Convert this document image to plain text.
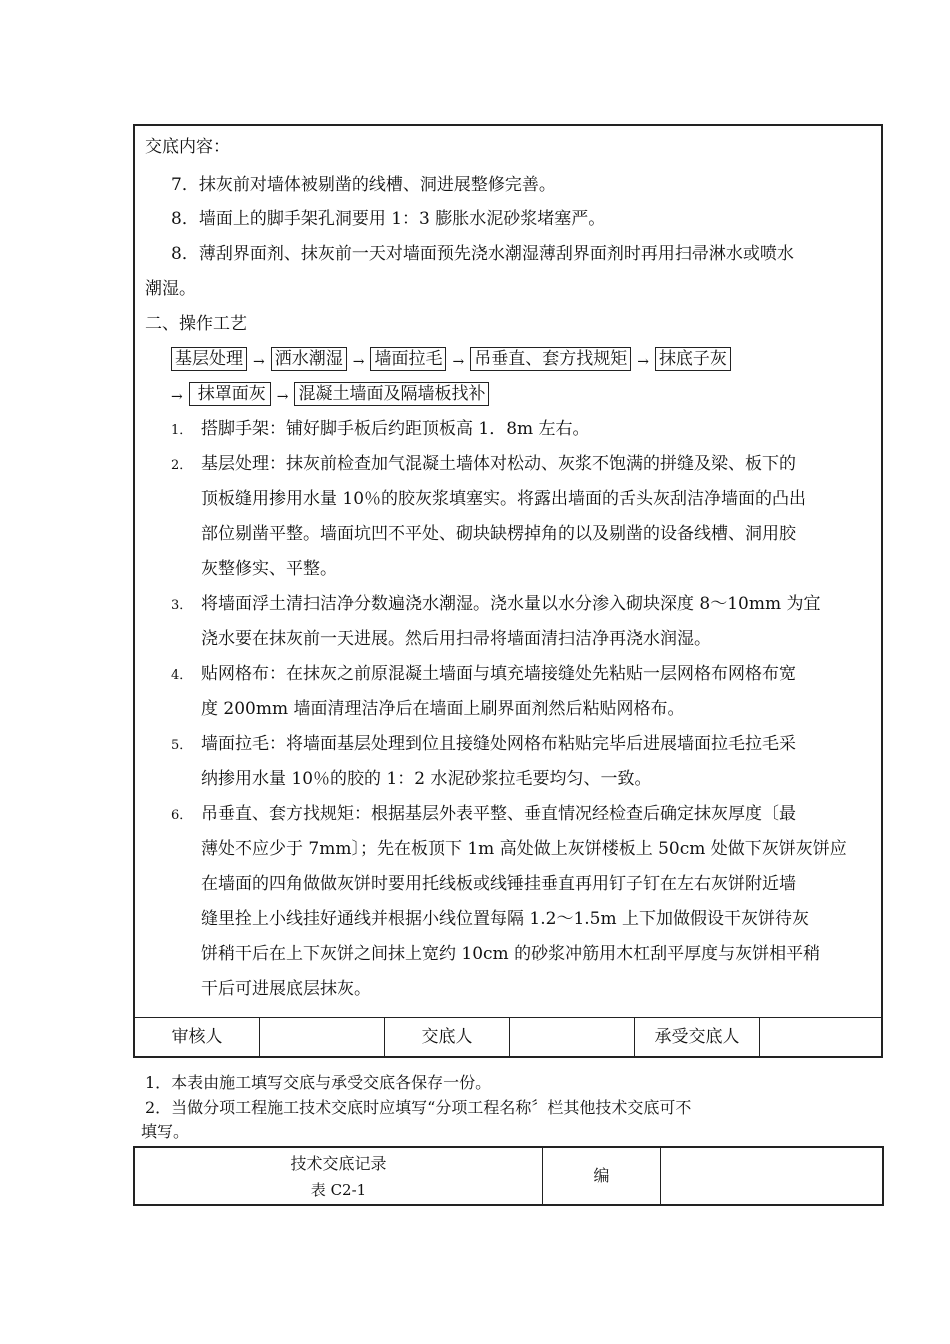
交底内容：
7．抹灰前对墙体被剔凿的线槽、洞进展整修完善。
8．墙面上的脚手架孔洞要用 1：3 膨胀水泥砂浆堵塞严。
8．薄刮界面剂、抹灰前一天对墙面预先浇水潮湿薄刮界面剂时再用扫帚淋水或喷水
潮湿。
二、操作工艺
基层处理 → 洒水潮湿 → 墙面拉毛 → 吊垂直、套方找规矩 → 抹底子灰
→ 抹罩面灰 → 混凝土墙面及隔墙板找补
1． 搭脚手架：铺好脚手板后约距顶板高 1．8m 左右。
2． 基层处理：抹灰前检查加气混凝土墙体对松动、灰浆不饱满的拼缝及梁、板下的
顶板缝用掺用水量 10％的胶灰浆填塞实。将露出墙面的舌头灰刮洁净墙面的凸出
部位剔凿平整。墙面坑凹不平处、砌块缺楞掉角的以及剔凿的设备线槽、洞用胶
灰整修实、平整。
3． 将墙面浮土清扫洁净分数遍浇水潮湿。浇水量以水分渗入砌块深度 8～10mm 为宜
浇水要在抹灰前一天进展。然后用扫帚将墙面清扫洁净再浇水润湿。
4． 贴网格布：在抹灰之前原混凝土墙面与填充墙接缝处先粘贴一层网格布网格布宽
度 200mm 墙面清理洁净后在墙面上刷界面剂然后粘贴网格布。
5． 墙面拉毛：将墙面基层处理到位且接缝处网格布粘贴完毕后进展墙面拉毛拉毛采
纳掺用水量 10％的胶的 1：2 水泥砂浆拉毛要均匀、一致。
6． 吊垂直、套方找规矩：根据基层外表平整、垂直情况经检查后确定抹灰厚度〔最
薄处不应少于 7mm〕；先在板顶下 1m 高处做上灰饼楼板上 50cm 处做下灰饼灰饼应
在墙面的四角做做灰饼时要用托线板或线锤挂垂直再用钉子钉在左右灰饼附近墙
缝里拴上小线挂好通线并根据小线位置每隔 1.2～1.5m 上下加做假设干灰饼待灰
饼稍干后在上下灰饼之间抹上宽约 10cm 的砂浆冲筋用木杠刮平厚度与灰饼相平稍
干后可进展底层抹灰。
审核人	交底人	承受交底人
1．本表由施工填写交底与承受交底各保存一份。
2．当做分项工程施工技术交底时应填写“分项工程名称〞栏其他技术交底可不
填写。
技术交底记录
表 C2-1
编
